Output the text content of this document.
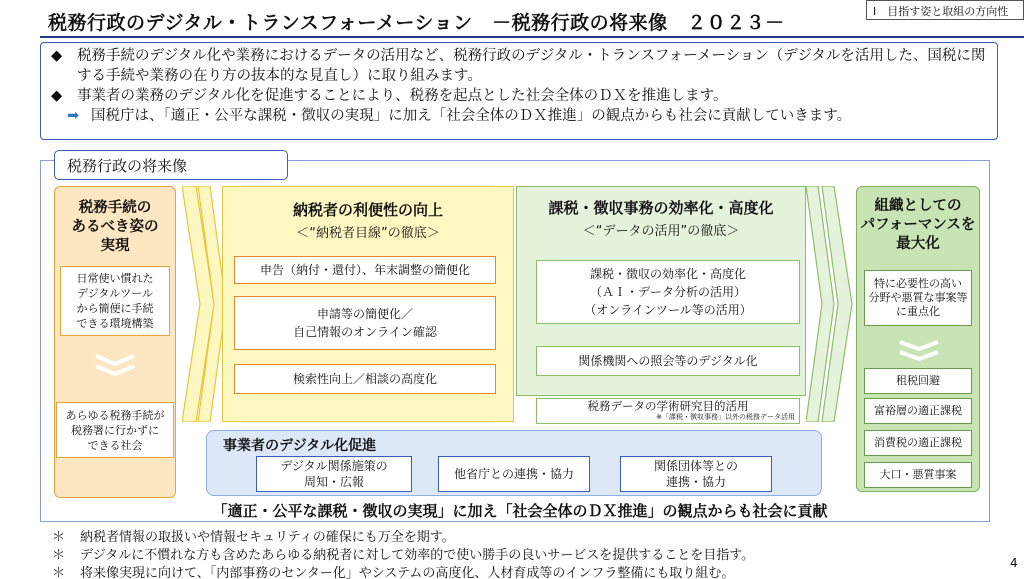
税務行政のデジタル・トランスフォーメーション　－税務行政の将来像　２０２３－
Ⅰ　目指す姿と取組の方向性
◆	税務手続のデジタル化や業務におけるデータの活用など、税務行政のデジタル・トランスフォーメーション（デジタルを活用した、国税に関する手続や業務の在り方の抜本的な見直し）に取り組みます。
◆	事業者の業務のデジタル化を促進することにより、税務を起点とした社会全体のＤＸを推進します。
➡ 国税庁は、「適正・公平な課税・徴収の実現」に加え「社会全体のＤＸ推進」の観点からも社会に貢献していきます。
税務行政の将来像
税務手続の
あるべき姿の
実現
日常使い慣れた
デジタルツール
から簡便に手続
できる環境構築
あらゆる税務手続が
税務署に行かずに
できる社会
納税者の利便性の向上
＜“納税者目線”の徹底＞
申告（納付・還付）、年末調整の簡便化
申請等の簡便化／
自己情報のオンライン確認
検索性向上／相談の高度化
課税・徴収事務の効率化・高度化
＜“データの活用”の徹底＞
課税・徴収の効率化・高度化
（ＡＩ・データ分析の活用）
（オンラインツール等の活用）
関係機関への照会等のデジタル化
税務データの学術研究目的活用
※「課税・徴収事務」以外の税務データ活用
組織としての
パフォーマンスを
最大化
特に必要性の高い
分野や悪質な事案等
に重点化
租税回避
富裕層の適正課税
消費税の適正課税
大口・悪質事案
事業者のデジタル化促進
デジタル関係施策の
周知・広報
他省庁との連携・協力
関係団体等との
連携・協力
「適正・公平な課税・徴収の実現」に加え「社会全体のＤＸ推進」の観点からも社会に貢献
＊	納税者情報の取扱いや情報セキュリティの確保にも万全を期す。
＊	デジタルに不慣れな方も含めたあらゆる納税者に対して効率的で使い勝手の良いサービスを提供することを目指す。
＊	将来像実現に向けて、「内部事務のセンター化」やシステムの高度化、人材育成等のインフラ整備にも取り組む。
4
